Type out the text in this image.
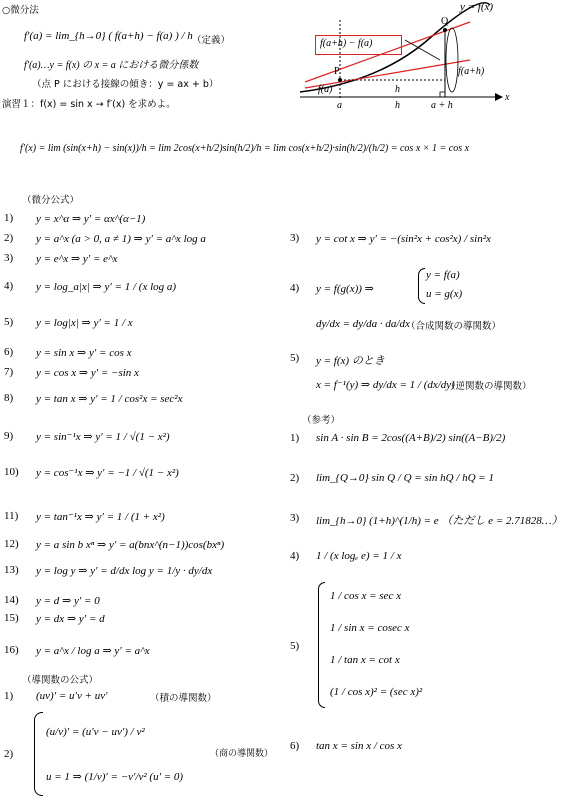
○微分法
f′(a) = lim_{h→0} ( f(a+h) − f(a) ) / h （定義）
f′(a)…y = f(x) の x = a における微分係数
（点 P における接線の傾き：y = ax + b）
演習１：f(x) = sin x → f′(x) を求めよ。
f′(x) = lim (sin(x+h) − sin(x))/h = lim 2cos(x+h/2)sin(h/2)/h = lim cos(x+h/2)·sin(h/2)/(h/2) = cos x × 1 = cos x
f(a+h) − f(a)
y = f(x)
Q
P	f(a+h)
f(a)	h
a	h	a + h
x
（微分公式）
1) y = x^α ⇒ y′ = αx^(α−1)
2) y = a^x (a > 0, a ≠ 1) ⇒ y′ = a^x log a
3) y = e^x ⇒ y′ = e^x
4) y = log_a|x| ⇒ y′ = 1 / (x log a)
5) y = log|x| ⇒ y′ = 1 / x
6) y = sin x ⇒ y′ = cos x
7) y = cos x ⇒ y′ = −sin x
8) y = tan x ⇒ y′ = 1 / cos²x = sec²x
9) y = sin⁻¹x ⇒ y′ = 1 / √(1 − x²)
10) y = cos⁻¹x ⇒ y′ = −1 / √(1 − x²)
11) y = tan⁻¹x ⇒ y′ = 1 / (1 + x²)
12) y = a sin b xⁿ ⇒ y′ = a(bnx^(n−1))cos(bxⁿ)
13) y = log y ⇒ y′ = d/dx log y = 1/y · dy/dx
14) y = d ⇒ y′ = 0
15) y = dx ⇒ y′ = d
16) y = a^x / log a ⇒ y′ = a^x
（導関数の公式）
1) (uv)′ = u′v + uv′	（積の導関数）
2)
(u/v)′ = (u′v − uv′) / v²
u = 1 ⇒ (1/v)′ = −v′/v² (u′ = 0)
（商の導関数）
3) y = cot x ⇒ y′ = −(sin²x + cos²x) / sin²x
4) y = f(g(x)) ⇒
y = f(a)
u = g(x)
dy/dx = dy/da · da/dx
（合成関数の導関数）
5) y = f(x) のとき
x = f⁻¹(y) ⇒ dy/dx = 1 / (dx/dy)
（逆関数の導関数）
（参考）
1) sin A · sin B = 2cos((A+B)/2) sin((A−B)/2)
2) lim_{Q→0} sin Q / Q = sin hQ / hQ = 1
3) lim_{h→0} (1+h)^(1/h) = e （ただし e = 2.71828…）
4) 1 / (x logₑ e) = 1 / x
5)
1 / cos x = sec x
1 / sin x = cosec x
1 / tan x = cot x
(1 / cos x)² = (sec x)²
6) tan x = sin x / cos x
